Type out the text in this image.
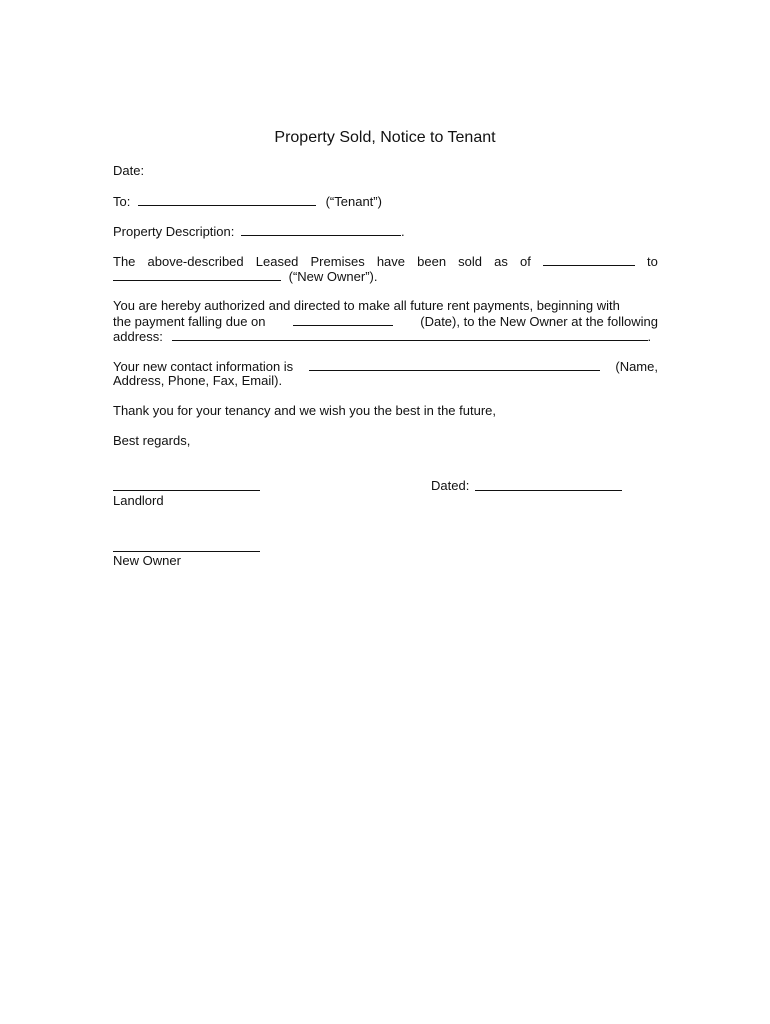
Property Sold, Notice to Tenant
Date:
To:	(“Tenant”)
Property Description:	.
The above-described Leased Premises have been sold as of	to
(“New Owner”).
You are hereby authorized and directed to make all future rent payments, beginning with
the payment falling due on	(Date), to the New Owner at the following
address:	.
Your new contact information is	(Name,
Address, Phone, Fax, Email).
Thank you for your tenancy and we wish you the best in the future,
Best regards,
Landlord
Dated:
New Owner
